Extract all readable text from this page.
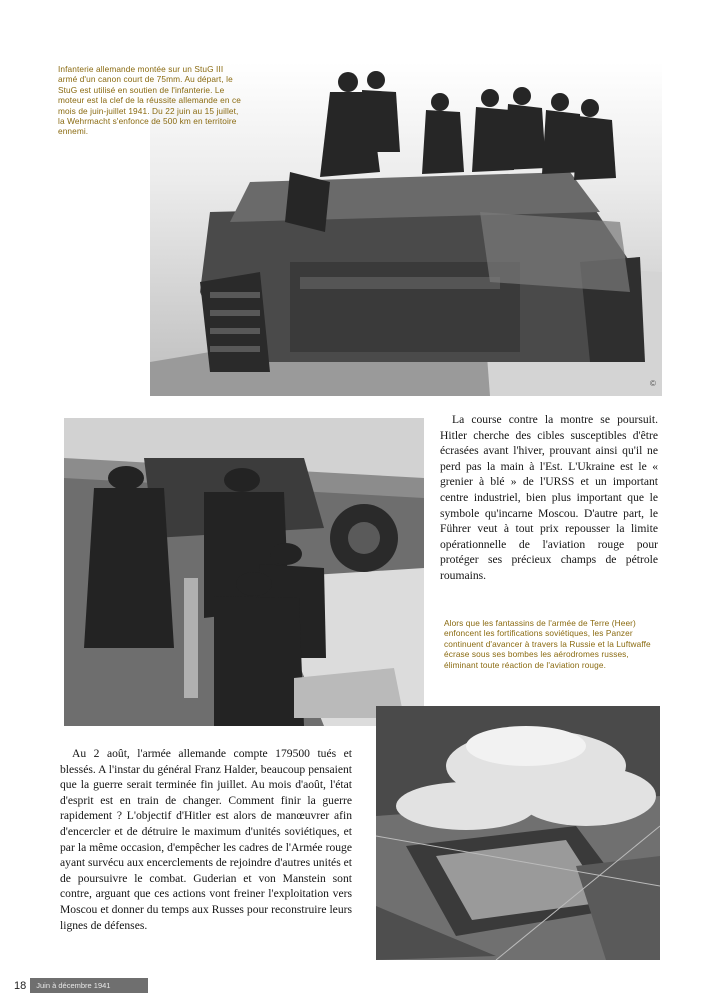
©
Infanterie allemande montée sur un StuG III armé d'un canon court de 75mm. Au départ, le StuG est utilisé en soutien de l'infanterie. Le moteur est la clef de la réussite allemande en ce mois de juin-juillet 1941. Du 22 juin au 15 juillet, la Wehrmacht s'enfonce de 500 km en territoire ennemi.

La course contre la montre se poursuit. Hitler cherche des cibles susceptibles d'être écrasées avant l'hiver, prouvant ainsi qu'il ne perd pas la main à l'Est. L'Ukraine est le « grenier à blé » de l'URSS et un important centre industriel, bien plus important que le symbole qu'incarne Moscou. D'autre part, le Führer veut à tout prix repousser la limite opérationnelle de l'aviation rouge pour protéger ses précieux champs de pétrole roumains.

Alors que les fantassins de l'armée de Terre (Heer) enfoncent les fortifications soviétiques, les Panzer continuent d'avancer à travers la Russie et la Luftwaffe écrase sous ses bombes les aérodromes russes, éliminant toute réaction de l'aviation rouge.

Au 2 août, l'armée allemande compte 179500 tués et blessés. A l'instar du général Franz Halder, beaucoup pensaient que la guerre serait terminée fin juillet. Au mois d'août, l'état d'esprit est en train de changer. Comment finir la guerre rapidement ? L'objectif d'Hitler est alors de manœuvrer afin d'encercler et de détruire le maximum d'unités soviétiques, et par la même occasion, d'empêcher les cadres de l'Armée rouge ayant survécu aux encerclements de rejoindre d'autres unités et de poursuivre le combat. Guderian et von Manstein sont contre, arguant que ces actions vont freiner l'exploitation vers Moscou et donner du temps aux Russes pour reconstruire leurs lignes de défenses.

18	Juin à décembre 1941
